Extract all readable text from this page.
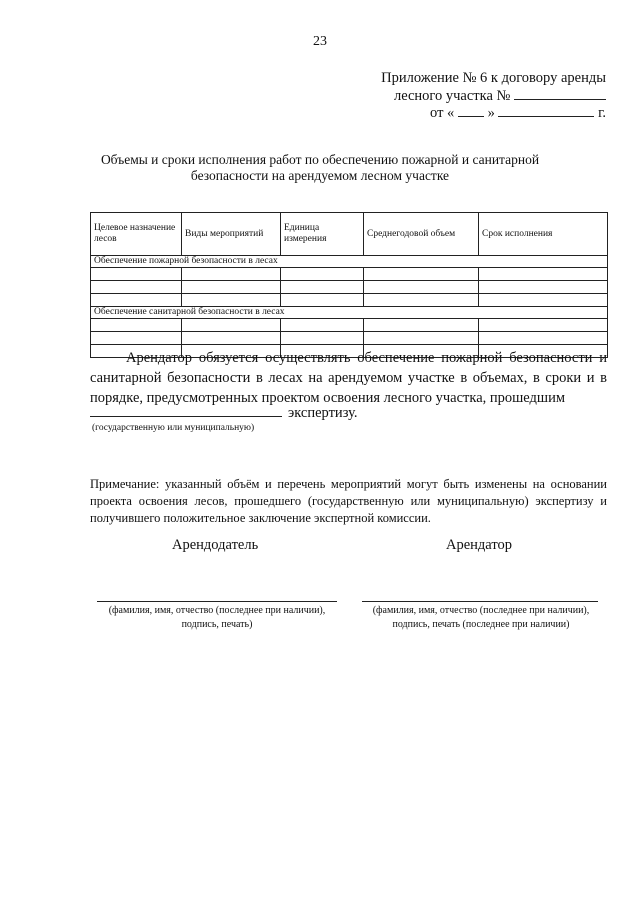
23
Приложение № 6 к договору аренды
лесного участка №
от « »	г.
Объемы и сроки исполнения работ по обеспечению пожарной и санитарной
безопасности на арендуемом лесном участке
Целевое назначение лесов	Виды мероприятий	Единица измерения	Среднегодовой объем	Срок исполнения
Обеспечение пожарной безопасности в лесах				

Обеспечение санитарной безопасности в лесах				

Арендатор обязуется осуществлять обеспечение пожарной безопасности и санитарной безопасности в лесах на арендуемом участке в объемах, в сроки и в порядке, предусмотренных проектом освоения лесного участка, прошедшим
экспертизу.
(государственную или муниципальную)
Примечание: указанный объём и перечень мероприятий могут быть изменены на основании проекта освоения лесов, прошедшего (государственную или муниципальную) экспертизу и получившего положительное заключение экспертной комиссии.
Арендодатель	Арендатор
(фамилия, имя, отчество (последнее при наличии),
подпись, печать)
(фамилия, имя, отчество (последнее при наличии),
подпись, печать (последнее при наличии)
